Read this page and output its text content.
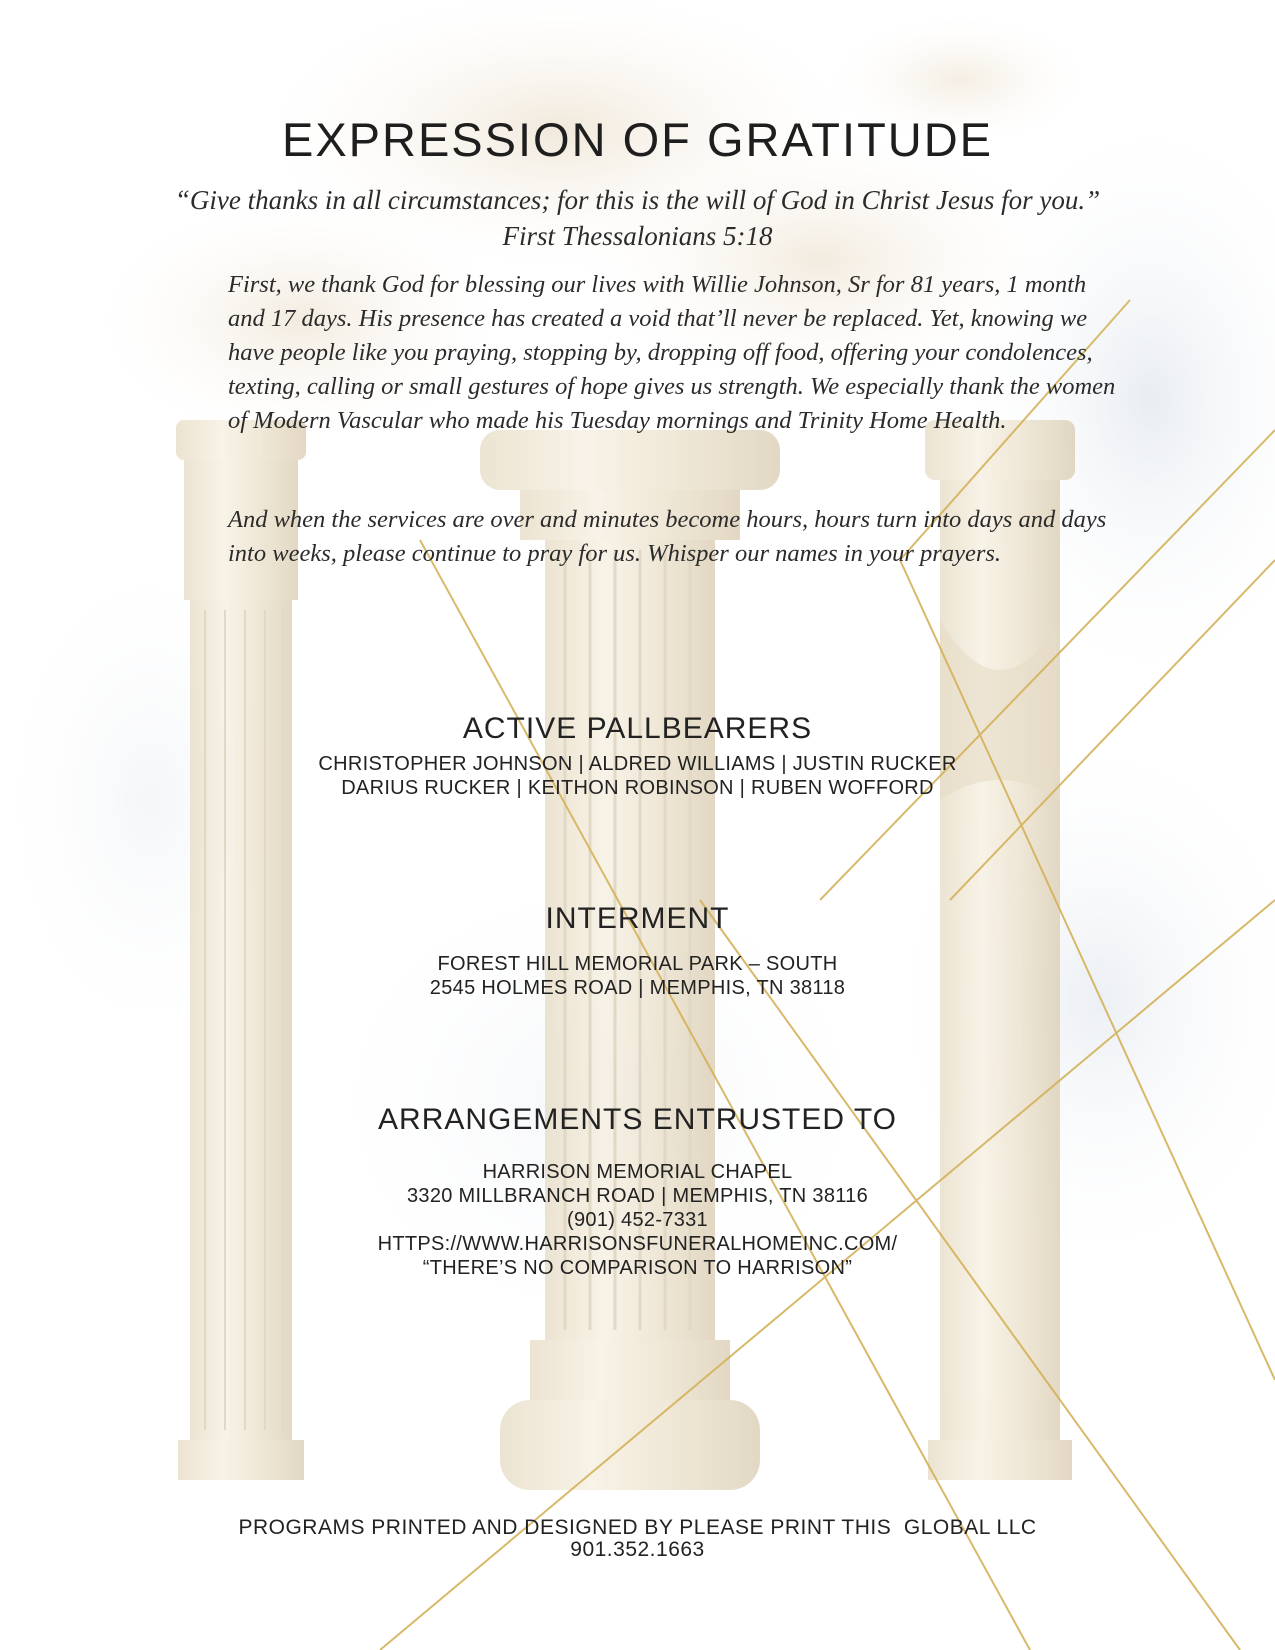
EXPRESSION OF GRATITUDE

“Give thanks in all circumstances; for this is the will of God in Christ Jesus for you.” First Thessalonians 5:18

First, we thank God for blessing our lives with Willie Johnson, Sr for 81 years, 1 month and 17 days. His presence has created a void that’ll never be replaced. Yet, knowing we have people like you praying, stopping by, dropping off food, offering your condolences, texting, calling or small gestures of hope gives us strength. We especially thank the women of Modern Vascular who made his Tuesday mornings and Trinity Home Health.

And when the services are over and minutes become hours, hours turn into days and days into weeks, please continue to pray for us. Whisper our names in your prayers.

ACTIVE PALLBEARERS
CHRISTOPHER JOHNSON | ALDRED WILLIAMS | JUSTIN RUCKER
DARIUS RUCKER | KEITHON ROBINSON | RUBEN WOFFORD
INTERMENT
FOREST HILL MEMORIAL PARK – SOUTH
2545 HOLMES ROAD | MEMPHIS, TN 38118
ARRANGEMENTS ENTRUSTED TO
HARRISON MEMORIAL CHAPEL
3320 MILLBRANCH ROAD | MEMPHIS, TN 38116
(901) 452-7331
HTTPS://WWW.HARRISONSFUNERALHOMEINC.COM/
“THERE’S NO COMPARISON TO HARRISON”
PROGRAMS PRINTED AND DESIGNED BY PLEASE PRINT THIS  GLOBAL LLC
901.352.1663
